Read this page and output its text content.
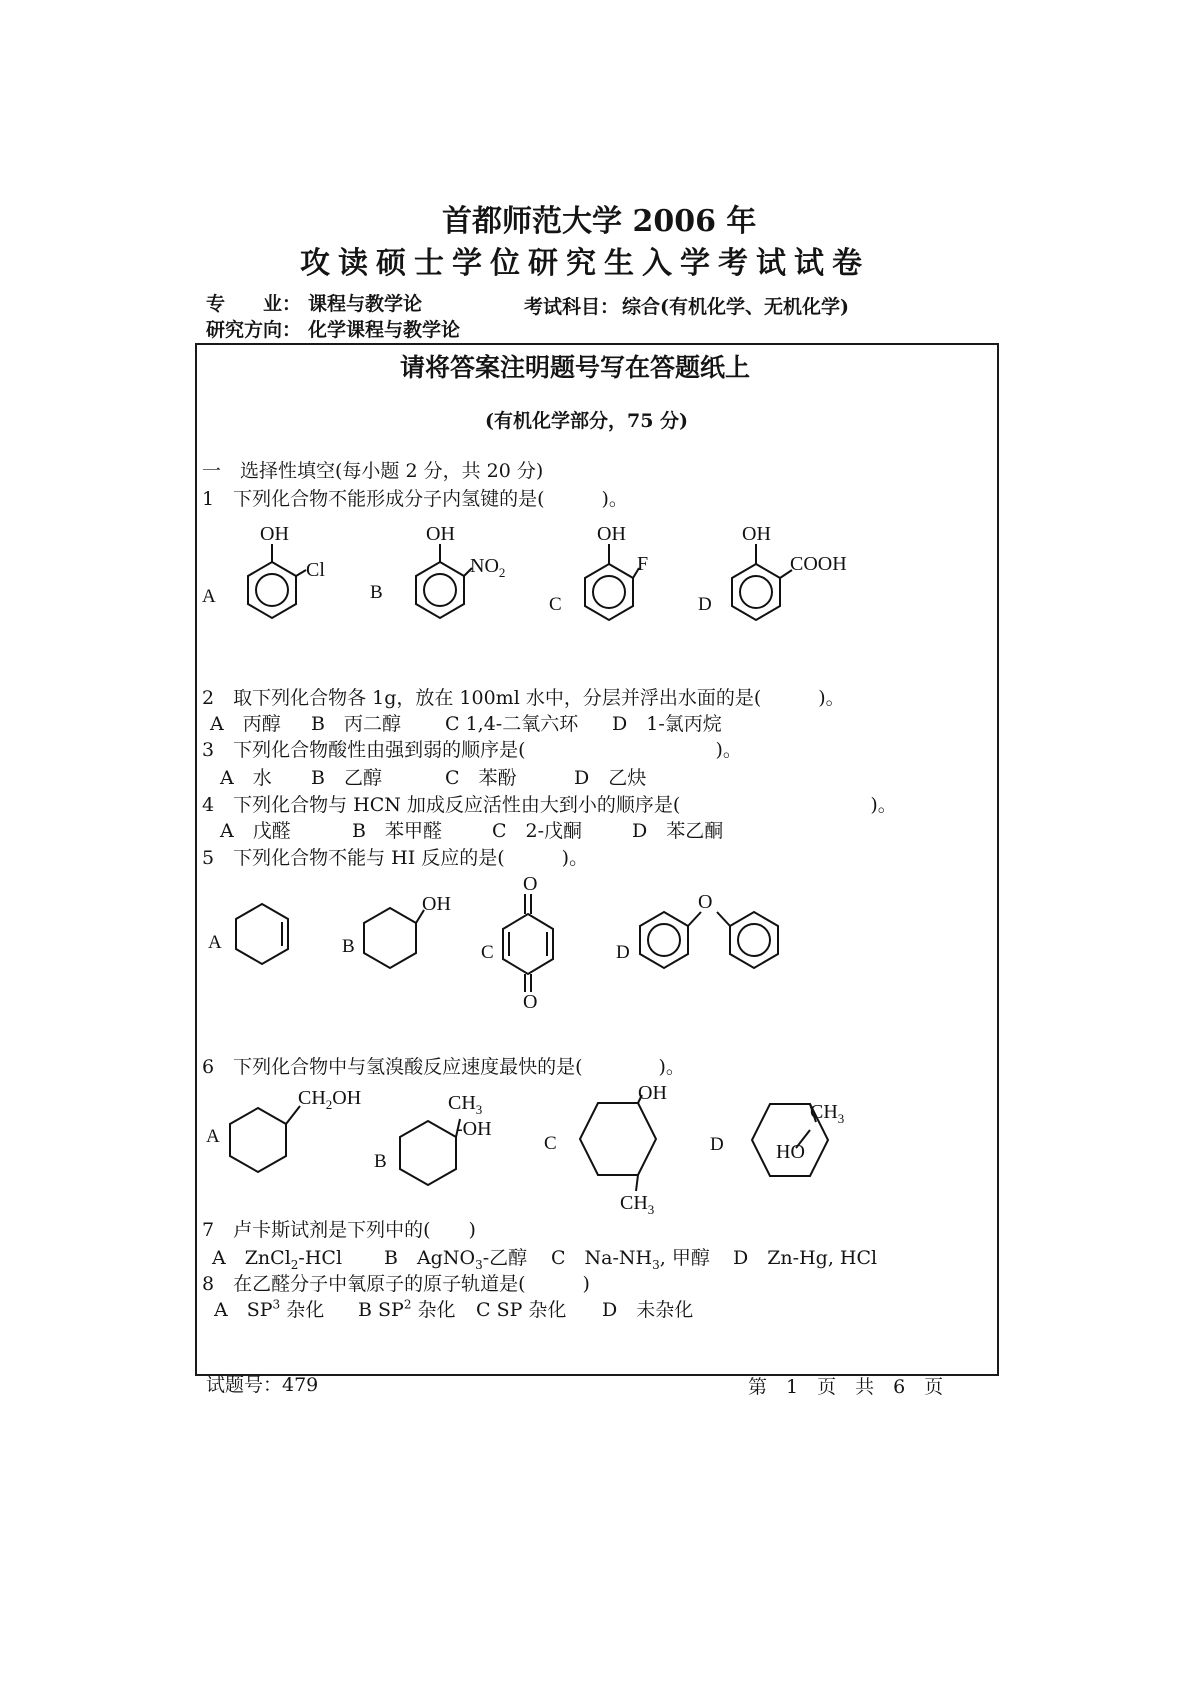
首都师范大学 2006 年
攻读硕士学位研究生入学考试试卷
专　　业： 课程与教学论	考试科目： 综合(有机化学、无机化学)
研究方向： 化学课程与教学论
请将答案注明题号写在答题纸上
(有机化学部分，75 分)
一　选择性填空(每小题 2 分，共 20 分)
1　下列化合物不能形成分子内氢键的是(　　　)。
A
OH
Cl
B
OH
$NO_2$
C
OH
F
D
OH
COOH
2　取下列化合物各 1g，放在 100ml 水中，分层并浮出水面的是(　　　)。
A　丙醇 B　丙二醇 C 1,4-二氧六环 D　1-氯丙烷
3　下列化合物酸性由强到弱的顺序是(　　　　　　　　　　)。
A　水 B　乙醇	C　苯酚	D　乙炔
4　下列化合物与 HCN 加成反应活性由大到小的顺序是(　　　　　　　　　　)。
A　戊醛	B　苯甲醛	C　2-戊酮	D　苯乙酮
5　下列化合物不能与 HI 反应的是(　　　)。
A	B
OH
C
O
O
D
O
6　下列化合物中与氢溴酸反应速度最快的是(　　　　)。
A
$CH_2OH$
B
$CH_3$
-OH
C
OH
$CH_3$
D
$CH_3$
HO
7　卢卡斯试剂是下列中的(　　)
A　ZnCl$_2$-HCl B　AgNO$_3$-乙醇 C　$Na-NH_3$, 甲醇 D　Zn-Hg, HCl
8　在乙醛分子中氧原子的原子轨道是(　　　)
A　$SP^3$ 杂化 B $SP^2$ 杂化 C SP 杂化 D　未杂化
试题号：479	第　1　页　共　6　页
